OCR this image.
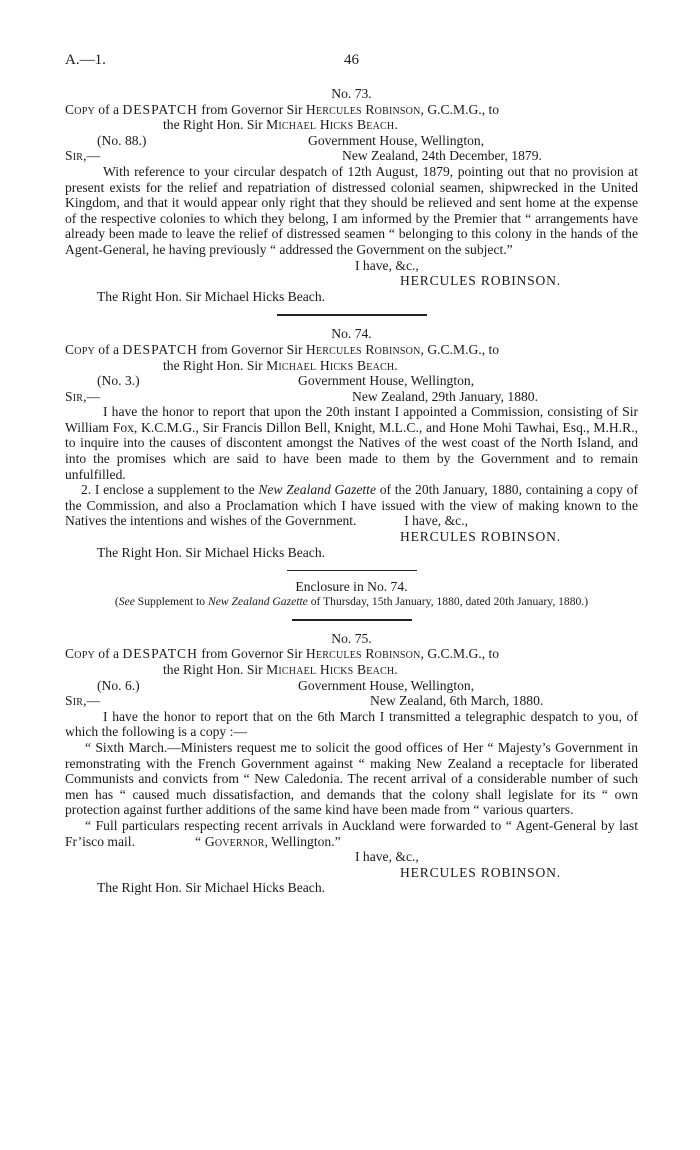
A.—1.	46

No. 73.

Copy of a DESPATCH from Governor Sir Hercules Robinson, G.C.M.G., to
the Right Hon. Sir Michael Hicks Beach.
(No. 88.)	Government House, Wellington,
Sir,—	New Zealand, 24th December, 1879.

With reference to your circular despatch of 12th August, 1879, pointing out that no provision at present exists for the relief and repatriation of distressed colonial seamen, shipwrecked in the United Kingdom, and that it would appear only right that they should be relieved and sent home at the expense of the respective colonies to which they belong, I am informed by the Premier that “ arrangements have already been made to leave the relief of distressed seamen “ belonging to this colony in the hands of the Agent-General, he having previously “ addressed the Government on the subject.”

I have, &c.,

HERCULES ROBINSON.

The Right Hon. Sir Michael Hicks Beach.

No. 74.

Copy of a DESPATCH from Governor Sir Hercules Robinson, G.C.M.G., to
the Right Hon. Sir Michael Hicks Beach.
(No. 3.)	Government House, Wellington,
Sir,—	New Zealand, 29th January, 1880.

I have the honor to report that upon the 20th instant I appointed a Commission, consisting of Sir William Fox, K.C.M.G., Sir Francis Dillon Bell, Knight, M.L.C., and Hone Mohi Tawhai, Esq., M.H.R., to inquire into the causes of discontent amongst the Natives of the west coast of the North Island, and into the promises which are said to have been made to them by the Government and to remain unfulfilled.

2. I enclose a supplement to the New Zealand Gazette of the 20th January, 1880, containing a copy of the Commission, and also a Proclamation which I have issued with the view of making known to the Natives the intentions and wishes of the Government.	I have, &c.,

HERCULES ROBINSON.

The Right Hon. Sir Michael Hicks Beach.

Enclosure in No. 74.

(See Supplement to New Zealand Gazette of Thursday, 15th January, 1880, dated 20th January, 1880.)

No. 75.

Copy of a DESPATCH from Governor Sir Hercules Robinson, G.C.M.G., to
the Right Hon. Sir Michael Hicks Beach.
(No. 6.)	Government House, Wellington,
Sir,—	New Zealand, 6th March, 1880.

I have the honor to report that on the 6th March I transmitted a telegraphic despatch to you, of which the following is a copy :—

“ Sixth March.—Ministers request me to solicit the good offices of Her “ Majesty’s Government in remonstrating with the French Government against “ making New Zealand a receptacle for liberated Communists and convicts from “ New Caledonia. The recent arrival of a considerable number of such men has “ caused much dissatisfaction, and demands that the colony shall legislate for its “ own protection against further additions of the same kind have been made from “ various quarters.

“ Full particulars respecting recent arrivals in Auckland were forwarded to “ Agent-General by last Fr’isco mail.	“ Governor, Wellington.”

I have, &c.,

HERCULES ROBINSON.

The Right Hon. Sir Michael Hicks Beach.
